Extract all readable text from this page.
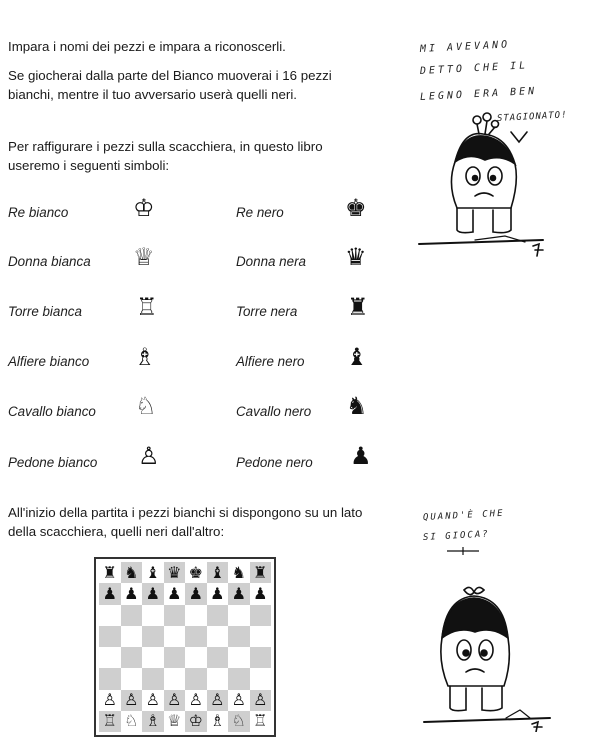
Impara i nomi dei pezzi e impara a riconoscerli.

Se giocherai dalla parte del Bianco muoverai i 16 pezzi bianchi, mentre il tuo avversario userà quelli neri.

Per raffigurare i pezzi sulla scacchiera, in questo libro useremo i seguenti simboli:

Re bianco	♔	Re nero	♚
Donna bianca ♕	Donna nera ♛
Torre bianca ♖	Torre nera ♜
Alfiere bianco ♗	Alfiere nero ♝
Cavallo bianco ♘	Cavallo nero ♞
Pedone bianco ♙	Pedone nero ♟

All'inizio della partita i pezzi bianchi si dispongono su un lato della scacchiera, quelli neri dall'altro:

♜ ♞ ♝ ♛ ♚ ♝ ♞ ♜
♟ ♟ ♟ ♟ ♟ ♟ ♟ ♟
♙ ♙ ♙ ♙ ♙ ♙ ♙ ♙
♖ ♘ ♗ ♕ ♔ ♗ ♘ ♖
MI AVEVANO
DETTO CHE IL
LEGNO ERA BEN
STAGIONATO!
QUAND'È CHE
SI GIOCA?
